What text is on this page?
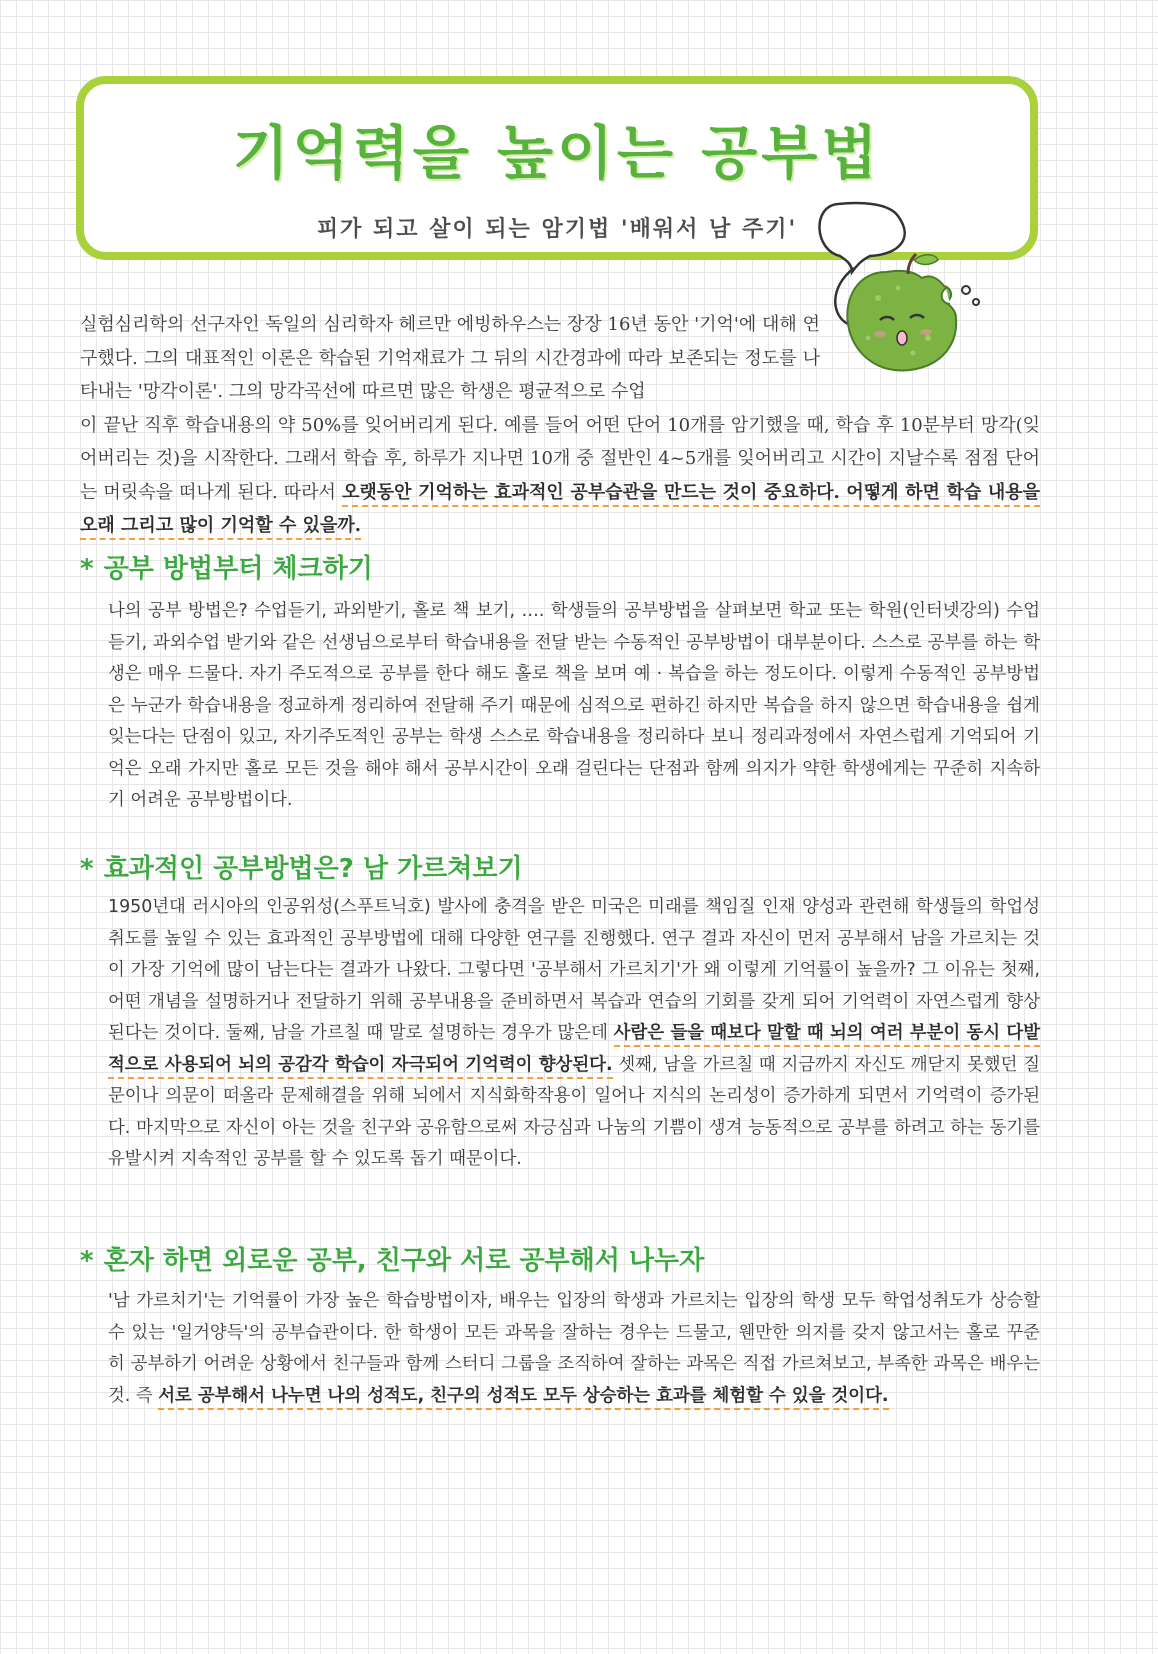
기억력을 높이는 공부법

피가 되고 살이 되는 암기법 '배워서 남 주기'

실험심리학의 선구자인 독일의 심리학자 헤르만 에빙하우스는 장장 16년 동안 '기억'에 대해 연구했다. 그의 대표적인 이론은 학습된 기억재료가 그 뒤의 시간경과에 따라 보존되는 정도를 나타내는 '망각이론'. 그의 망각곡선에 따르면 많은 학생은 평균적으로 수업
이 끝난 직후 학습내용의 약 50%를 잊어버리게 된다. 예를 들어 어떤 단어 10개를 암기했을 때, 학습 후 10분부터 망각(잊어버리는 것)을 시작한다. 그래서 학습 후, 하루가 지나면 10개 중 절반인 4~5개를 잊어버리고 시간이 지날수록 점점 단어는 머릿속을 떠나게 된다. 따라서 오랫동안 기억하는 효과적인 공부습관을 만드는 것이 중요하다. 어떻게 하면 학습 내용을 오래 그리고 많이 기억할 수 있을까.

* 공부 방법부터 체크하기

나의 공부 방법은? 수업듣기, 과외받기, 홀로 책 보기, …. 학생들의 공부방법을 살펴보면 학교 또는 학원(인터넷강의) 수업 듣기, 과외수업 받기와 같은 선생님으로부터 학습내용을 전달 받는 수동적인 공부방법이 대부분이다. 스스로 공부를 하는 학생은 매우 드물다. 자기 주도적으로 공부를 한다 해도 홀로 책을 보며 예 · 복습을 하는 정도이다. 이렇게 수동적인 공부방법은 누군가 학습내용을 정교하게 정리하여 전달해 주기 때문에 심적으로 편하긴 하지만 복습을 하지 않으면 학습내용을 쉽게 잊는다는 단점이 있고, 자기주도적인 공부는 학생 스스로 학습내용을 정리하다 보니 정리과정에서 자연스럽게 기억되어 기억은 오래 가지만 홀로 모든 것을 해야 해서 공부시간이 오래 걸린다는 단점과 함께 의지가 약한 학생에게는 꾸준히 지속하기 어려운 공부방법이다.

* 효과적인 공부방법은? 남 가르쳐보기

1950년대 러시아의 인공위성(스푸트닉호) 발사에 충격을 받은 미국은 미래를 책임질 인재 양성과 관련해 학생들의 학업성취도를 높일 수 있는 효과적인 공부방법에 대해 다양한 연구를 진행했다. 연구 결과 자신이 먼저 공부해서 남을 가르치는 것이 가장 기억에 많이 남는다는 결과가 나왔다. 그렇다면 '공부해서 가르치기'가 왜 이렇게 기억률이 높을까? 그 이유는 첫째, 어떤 개념을 설명하거나 전달하기 위해 공부내용을 준비하면서 복습과 연습의 기회를 갖게 되어 기억력이 자연스럽게 향상된다는 것이다. 둘째, 남을 가르칠 때 말로 설명하는 경우가 많은데 사람은 들을 때보다 말할 때 뇌의 여러 부분이 동시 다발적으로 사용되어 뇌의 공감각 학습이 자극되어 기억력이 향상된다. 셋째, 남을 가르칠 때 지금까지 자신도 깨닫지 못했던 질문이나 의문이 떠올라 문제해결을 위해 뇌에서 지식화학작용이 일어나 지식의 논리성이 증가하게 되면서 기억력이 증가된다. 마지막으로 자신이 아는 것을 친구와 공유함으로써 자긍심과 나눔의 기쁨이 생겨 능동적으로 공부를 하려고 하는 동기를 유발시켜 지속적인 공부를 할 수 있도록 돕기 때문이다.

* 혼자 하면 외로운 공부, 친구와 서로 공부해서 나누자

'남 가르치기'는 기억률이 가장 높은 학습방법이자, 배우는 입장의 학생과 가르치는 입장의 학생 모두 학업성취도가 상승할 수 있는 '일거양득'의 공부습관이다. 한 학생이 모든 과목을 잘하는 경우는 드물고, 웬만한 의지를 갖지 않고서는 홀로 꾸준히 공부하기 어려운 상황에서 친구들과 함께 스터디 그룹을 조직하여 잘하는 과목은 직접 가르쳐보고, 부족한 과목은 배우는 것. 즉 서로 공부해서 나누면 나의 성적도, 친구의 성적도 모두 상승하는 효과를 체험할 수 있을 것이다.
